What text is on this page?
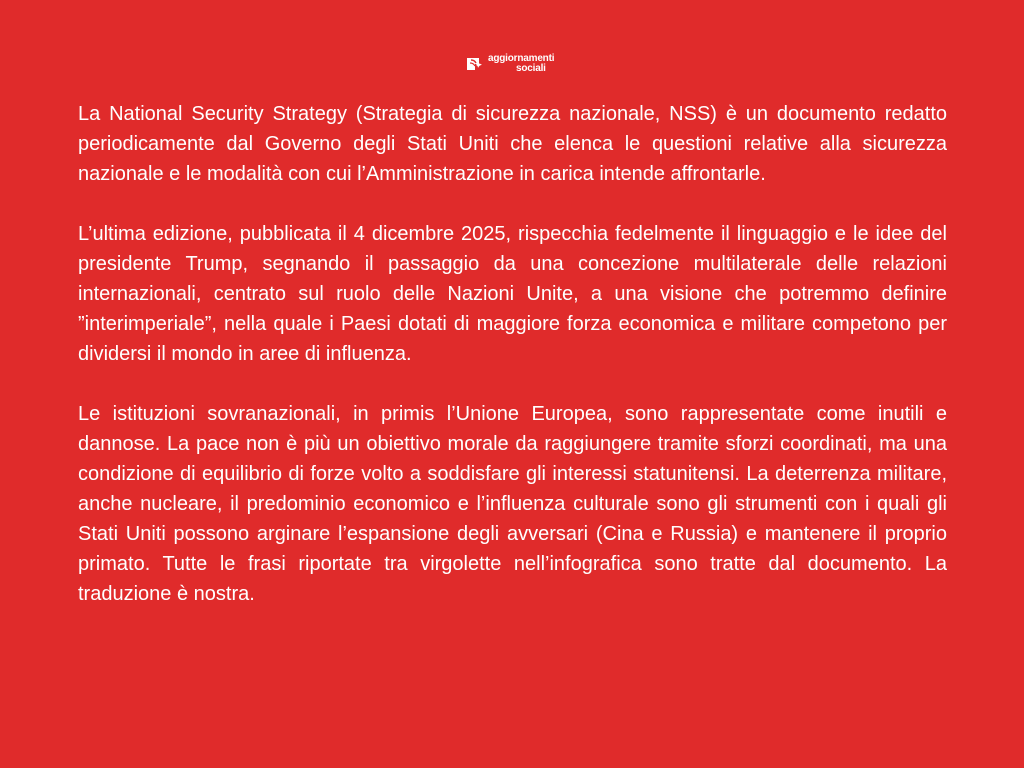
aggiornamenti
sociali

La National Security Strategy (Strategia di sicurezza nazionale, NSS) è un documento redatto periodicamente dal Governo degli Stati Uniti che elenca le questioni relative alla sicurezza nazionale e le modalità con cui l’Amministrazione in carica intende affrontarle.

L’ultima edizione, pubblicata il 4 dicembre 2025, rispecchia fedelmente il linguaggio e le idee del presidente Trump, segnando il passaggio da una concezione multilaterale delle relazioni internazionali, centrato sul ruolo delle Nazioni Unite, a una visione che potremmo definire ”interimperiale”, nella quale i Paesi dotati di maggiore forza economica e militare competono per dividersi il mondo in aree di influenza.

Le istituzioni sovranazionali, in primis l’Unione Europea, sono rappresentate come inutili e dannose. La pace non è più un obiettivo morale da raggiungere tramite sforzi coordinati, ma una condizione di equilibrio di forze volto a soddisfare gli interessi statunitensi. La deterrenza militare, anche nucleare, il predominio economico e l’influenza culturale sono gli strumenti con i quali gli Stati Uniti possono arginare l’espansione degli avversari (Cina e Russia) e mantenere il proprio primato. Tutte le frasi riportate tra virgolette nell’infografica sono tratte dal documento. La traduzione è nostra.
